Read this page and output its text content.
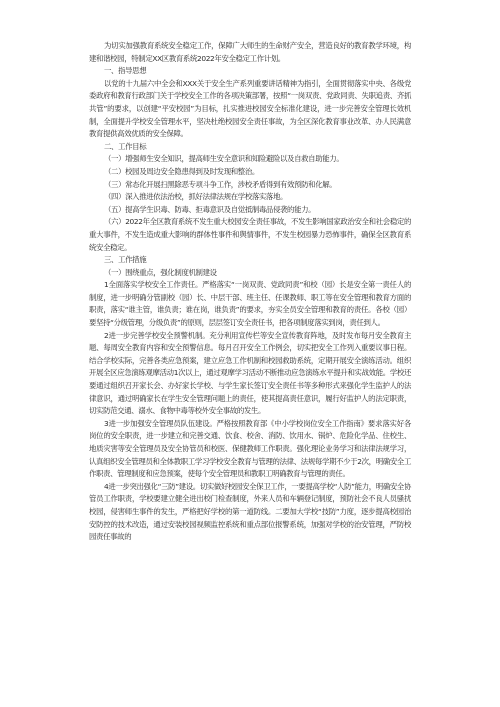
为切实加强教育系统安全稳定工作，保障广大师生的生命财产安全，营造良好的教育教学环境，构建和谐校园，特制定XX区教育系统2022年安全稳定工作计划。

一、指导思想

以党的十九届六中全会和XXX关于安全生产系列重要讲话精神为指引，全面贯彻落实中央、各级党委政府和教育行政部门关于学校安全工作的各项决策部署，按照“一岗双责、党政同责、失职追责、齐抓共管”的要求，以创建“平安校园”为目标，扎实推进校园安全标准化建设，进一步完善安全管理长效机制，全面提升学校安全管理水平，坚决杜绝校园安全责任事故，为全区深化教育事业改革、办人民满意教育提供高效优质的安全保障。

二、工作目标

（一）增强师生安全知识，提高师生安全意识和知险避险以及自救自助能力。

（二）校园及周边安全隐患得到及时发现和整治。

（三）常态化开展扫黑除恶专项斗争工作，涉校矛盾得到有效预防和化解。

（四）深入推进依法治校，抓好法律法规在学校落实落地。

（五）提高学生识毒、防毒、拒毒意识及自觉抵制毒品侵袭的能力。

（六）2022年全区教育系统不发生重大校园安全责任事故，不发生影响国家政治安全和社会稳定的重大事件，不发生造成重大影响的群体性事件和舆情事件，不发生校园暴力恐怖事件，确保全区教育系统安全稳定。

三、工作措施

（一）围绕重点，强化制度机制建设

1全面落实学校安全工作责任。严格落实“一岗双责、党政同责”和校（园）长是安全第一责任人的制度，进一步明确分管副校（园）长、中层干部、班主任、任课教师、职工等在安全管理和教育方面的职责，落实“谁主管，谁负责；谁在岗，谁负责”的要求，夯实全员安全管理和教育的责任。各校（园）要坚持“分级管理，分级负责”的原则，层层签订安全责任书，把各项制度落实到岗，责任到人。

2进一步完善学校安全预警机制。充分利用宣传栏等安全宣传教育阵地，及时发布每月安全教育主题、每周安全教育内容和安全预警信息。每月召开安全工作例会，切实把安全工作列入重要议事日程。结合学校实际，完善各类应急预案，建立应急工作机制和校园救助系统，定期开展安全演练活动。组织开展全区应急演练观摩活动1次以上，通过观摩学习活动不断推动应急演练水平提升和实战效能。学校还要通过组织召开家长会、办好家长学校、与学生家长签订安全责任书等多种形式来强化学生监护人的法律意识，通过明确家长在学生安全管理问题上的责任，使其提高责任意识，履行好监护人的法定职责，切实防范交通、溺水、食物中毒等校外安全事故的发生。

3进一步加强安全管理员队伍建设。严格按照教育部《中小学校岗位安全工作指南》要求落实好各岗位的安全职责，进一步建立和完善交通、饮食、校舍、消防、饮用水、锅炉、危险化学品、住校生、地质灾害等安全管理员及安全协管员和校医、保健教师工作职责。强化理论业务学习和法律法规学习，认真组织安全管理员和全体教职工学习学校安全教育与管理的法律、法规每学期不少于2次，明确安全工作职责、管理制度和应急预案，使每个安全管理员和教职工明确教育与管理的责任。

4进一步突出强化“三防”建设。切实做好校园安全保卫工作，一要提高学校“人防”能力，明确安全协管员工作职责，学校要建立健全进出校门检查制度，外来人员和车辆登记制度，预防社会不良人员骚扰校园，侵害师生事件的发生，严格把好学校的第一道防线。二要加大学校“技防”力度，逐步提高校园治安防控的技术改造，通过安装校园视频监控系统和重点部位报警系统，加强对学校的治安管理，严防校园责任事故的
